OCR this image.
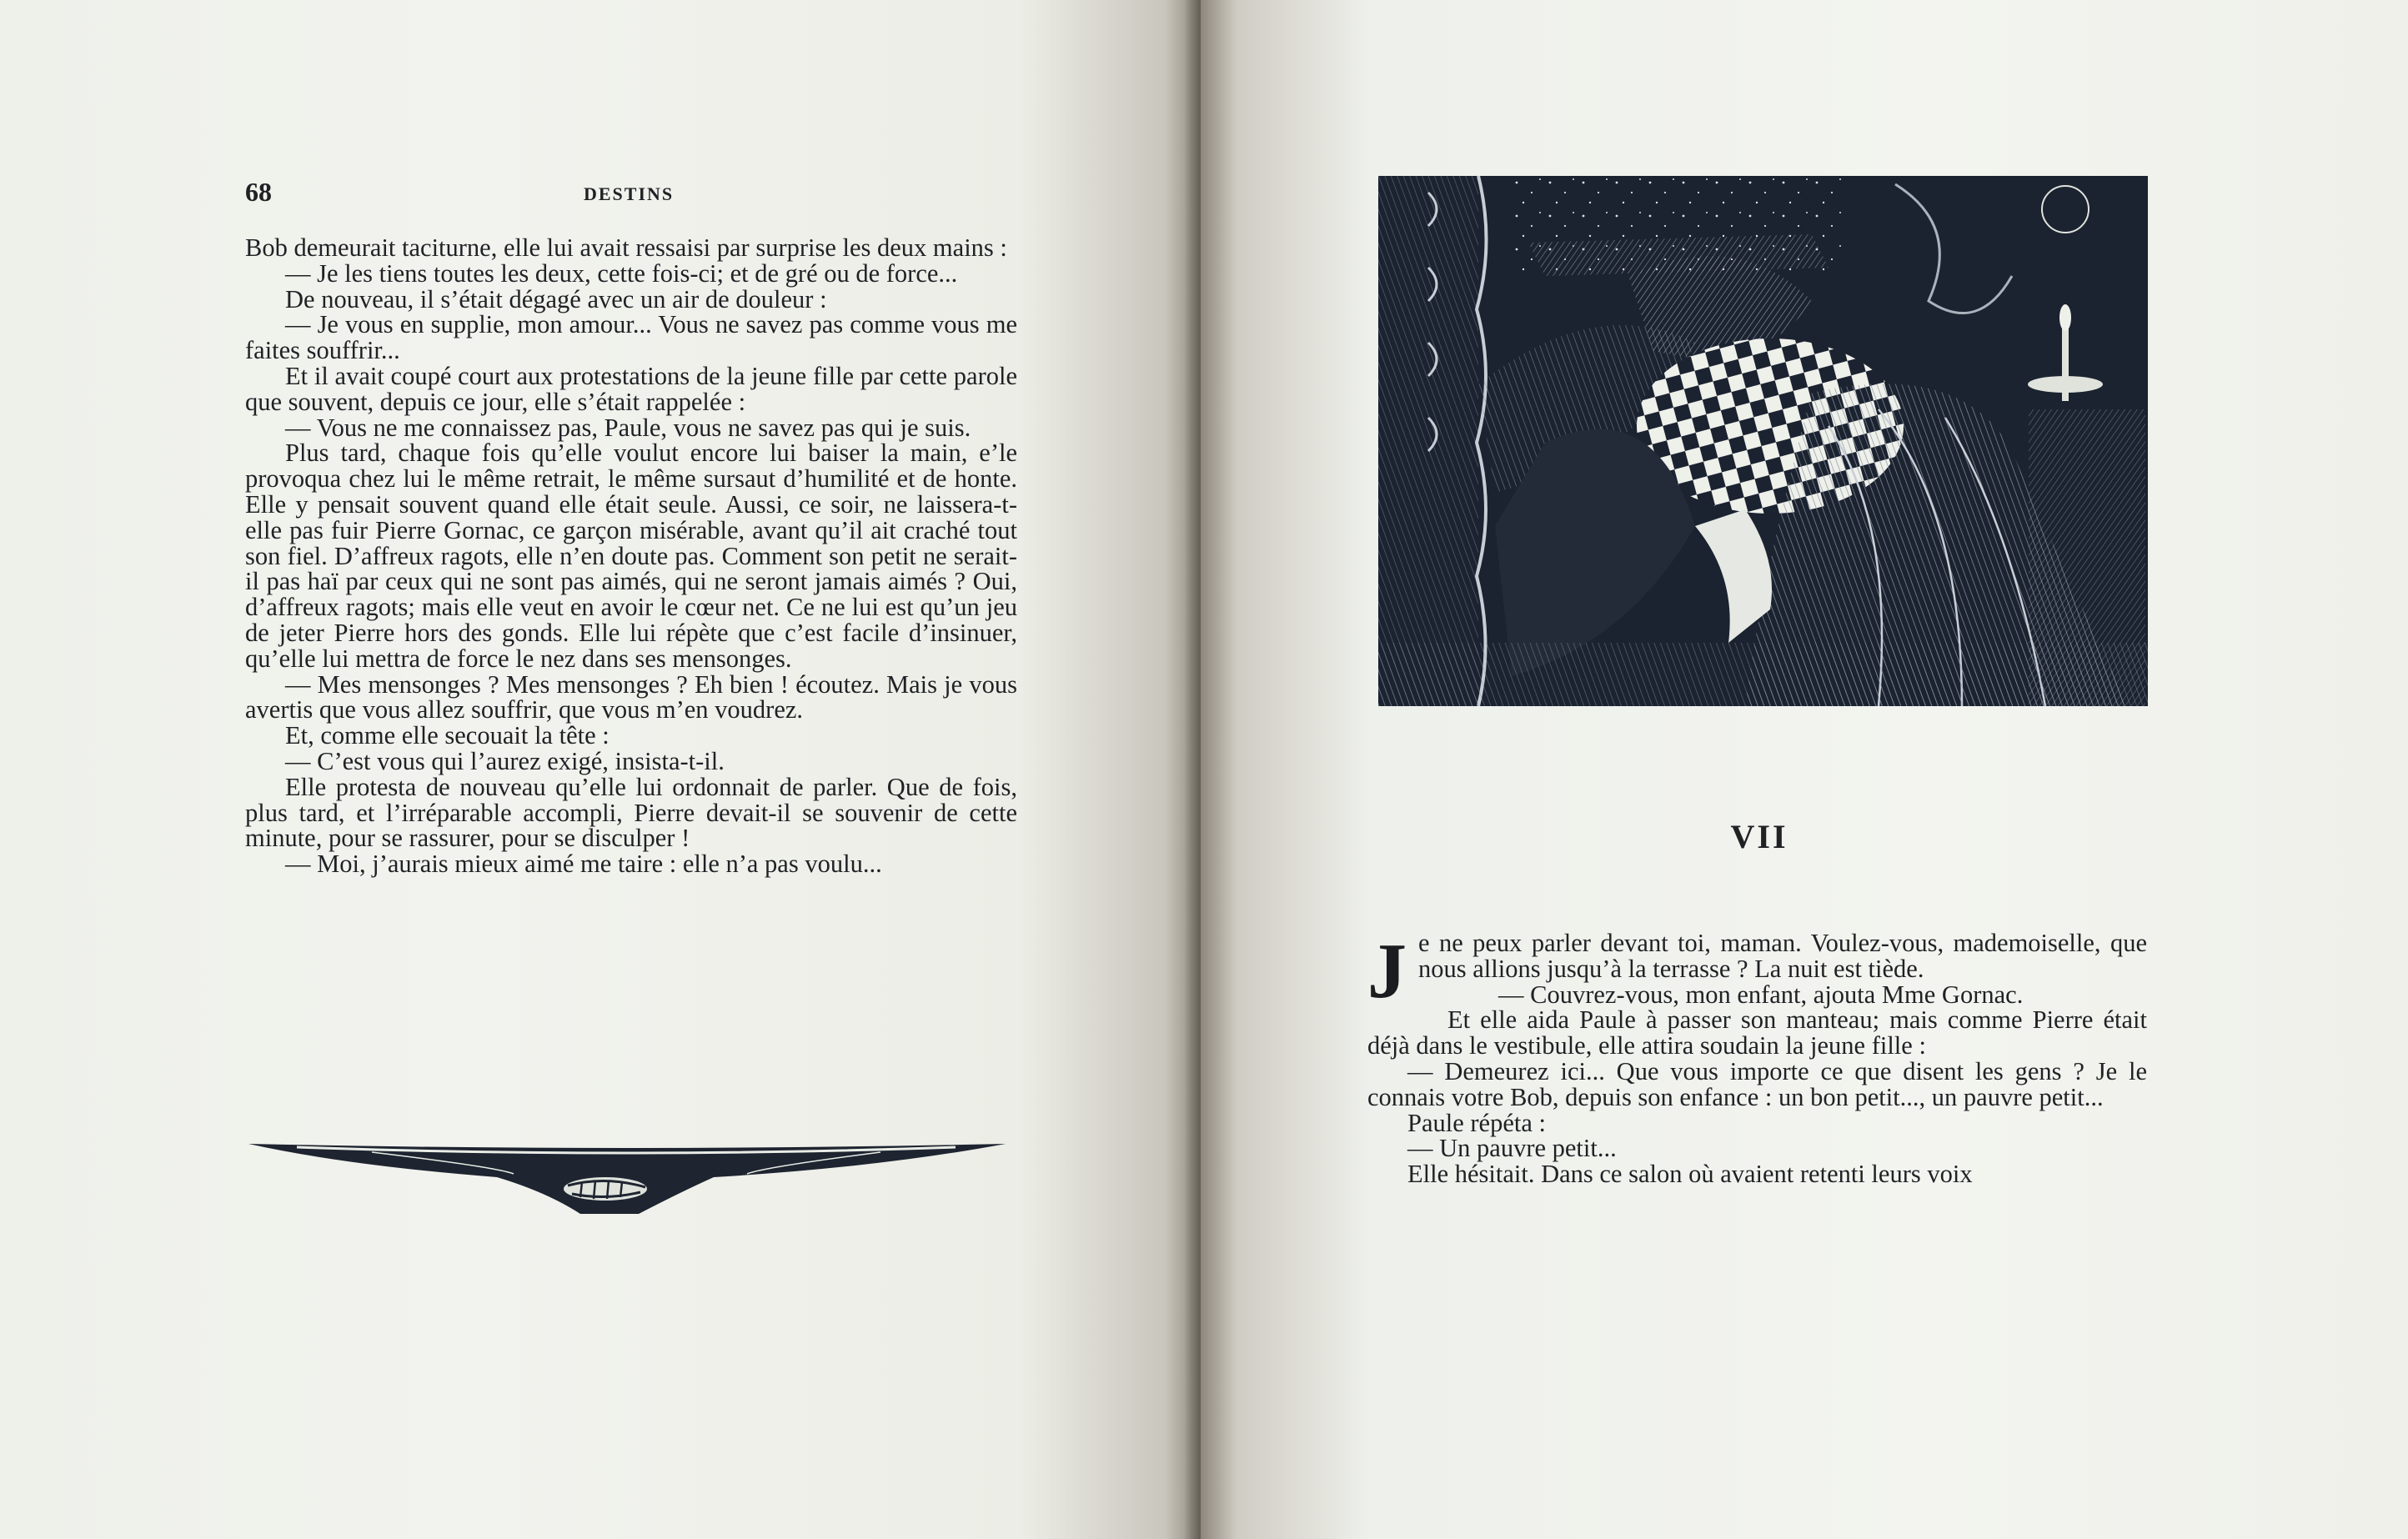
68	DESTINS

Bob demeurait taciturne, elle lui avait ressaisi par surprise les deux mains :

— Je les tiens toutes les deux, cette fois-ci; et de gré ou de force...

De nouveau, il s’était dégagé avec un air de douleur :

— Je vous en supplie, mon amour... Vous ne savez pas comme vous me faites souffrir...

Et il avait coupé court aux protestations de la jeune fille par cette parole que souvent, depuis ce jour, elle s’était rappelée :

— Vous ne me connaissez pas, Paule, vous ne savez pas qui je suis.

Plus tard, chaque fois qu’elle voulut encore lui baiser la main, e’le provoqua chez lui le même retrait, le même sursaut d’humilité et de honte. Elle y pensait souvent quand elle était seule. Aussi, ce soir, ne laissera-t-elle pas fuir Pierre Gornac, ce garçon misérable, avant qu’il ait craché tout son fiel. D’affreux ragots, elle n’en doute pas. Comment son petit ne serait-il pas haï par ceux qui ne sont pas aimés, qui ne seront jamais aimés ? Oui, d’affreux ragots; mais elle veut en avoir le cœur net. Ce ne lui est qu’un jeu de jeter Pierre hors des gonds. Elle lui répète que c’est facile d’insinuer, qu’elle lui mettra de force le nez dans ses mensonges.

— Mes mensonges ? Mes mensonges ? Eh bien ! écoutez. Mais je vous avertis que vous allez souffrir, que vous m’en voudrez.

Et, comme elle secouait la tête :

— C’est vous qui l’aurez exigé, insista-t-il.

Elle protesta de nouveau qu’elle lui ordonnait de parler. Que de fois, plus tard, et l’irréparable accompli, Pierre devait-il se souvenir de cette minute, pour se rassurer, pour se disculper !

— Moi, j’aurais mieux aimé me taire : elle n’a pas voulu...

VII

J e ne peux parler devant toi, maman. Voulez-vous, mademoiselle, que nous allions jusqu’à la terrasse ? La nuit est tiède.

— Couvrez-vous, mon enfant, ajouta Mme Gornac.

Et elle aida Paule à passer son manteau; mais comme Pierre était déjà dans le vestibule, elle attira soudain la jeune fille :

— Demeurez ici... Que vous importe ce que disent les gens ? Je le connais votre Bob, depuis son enfance : un bon petit..., un pauvre petit...

Paule répéta :

— Un pauvre petit...

Elle hésitait. Dans ce salon où avaient retenti leurs voix
